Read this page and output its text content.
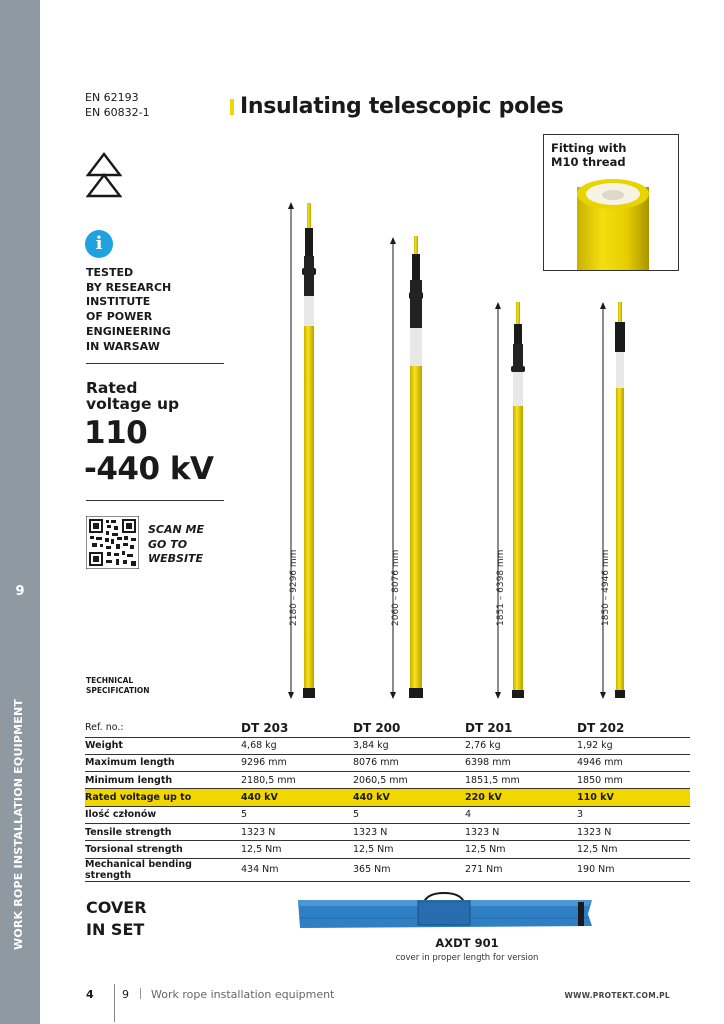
9
WORK ROPE INSTALLATION EQUIPMENT
EN 62193
EN 60832-1	Insulating telescopic poles
Fitting with
M10 thread
i
TESTED
BY RESEARCH
INSTITUTE
OF POWER
ENGINEERING
IN WARSAW
Rated
voltage up
110
-440 kV
SCAN ME
GO TO
WEBSITE
TECHNICAL
SPECIFICATION
2180 – 9296 mm	2060 – 8076 mm	1851 – 6398 mm	1850 – 4946 mm
Ref. no.:	DT 203	DT 200	DT 201	DT 202
Weight	4,68 kg	3,84 kg	2,76 kg	1,92 kg
Maximum length	9296 mm	8076 mm	6398 mm	4946 mm
Minimum length	2180,5 mm	2060,5 mm	1851,5 mm	1850 mm
Rated voltage up to	440 kV	440 kV	220 kV	110 kV
Ilość członów	5	5	4	3
Tensile strength	1323 N	1323 N	1323 N	1323 N
Torsional strength	12,5 Nm	12,5 Nm	12,5 Nm	12,5 Nm
Mechanical bending strength	434 Nm	365 Nm	271 Nm	190 Nm
COVER
IN SET
AXDT 901
cover in proper length for version
4	9 Work rope installation equipment	WWW.PROTEKT.COM.PL
